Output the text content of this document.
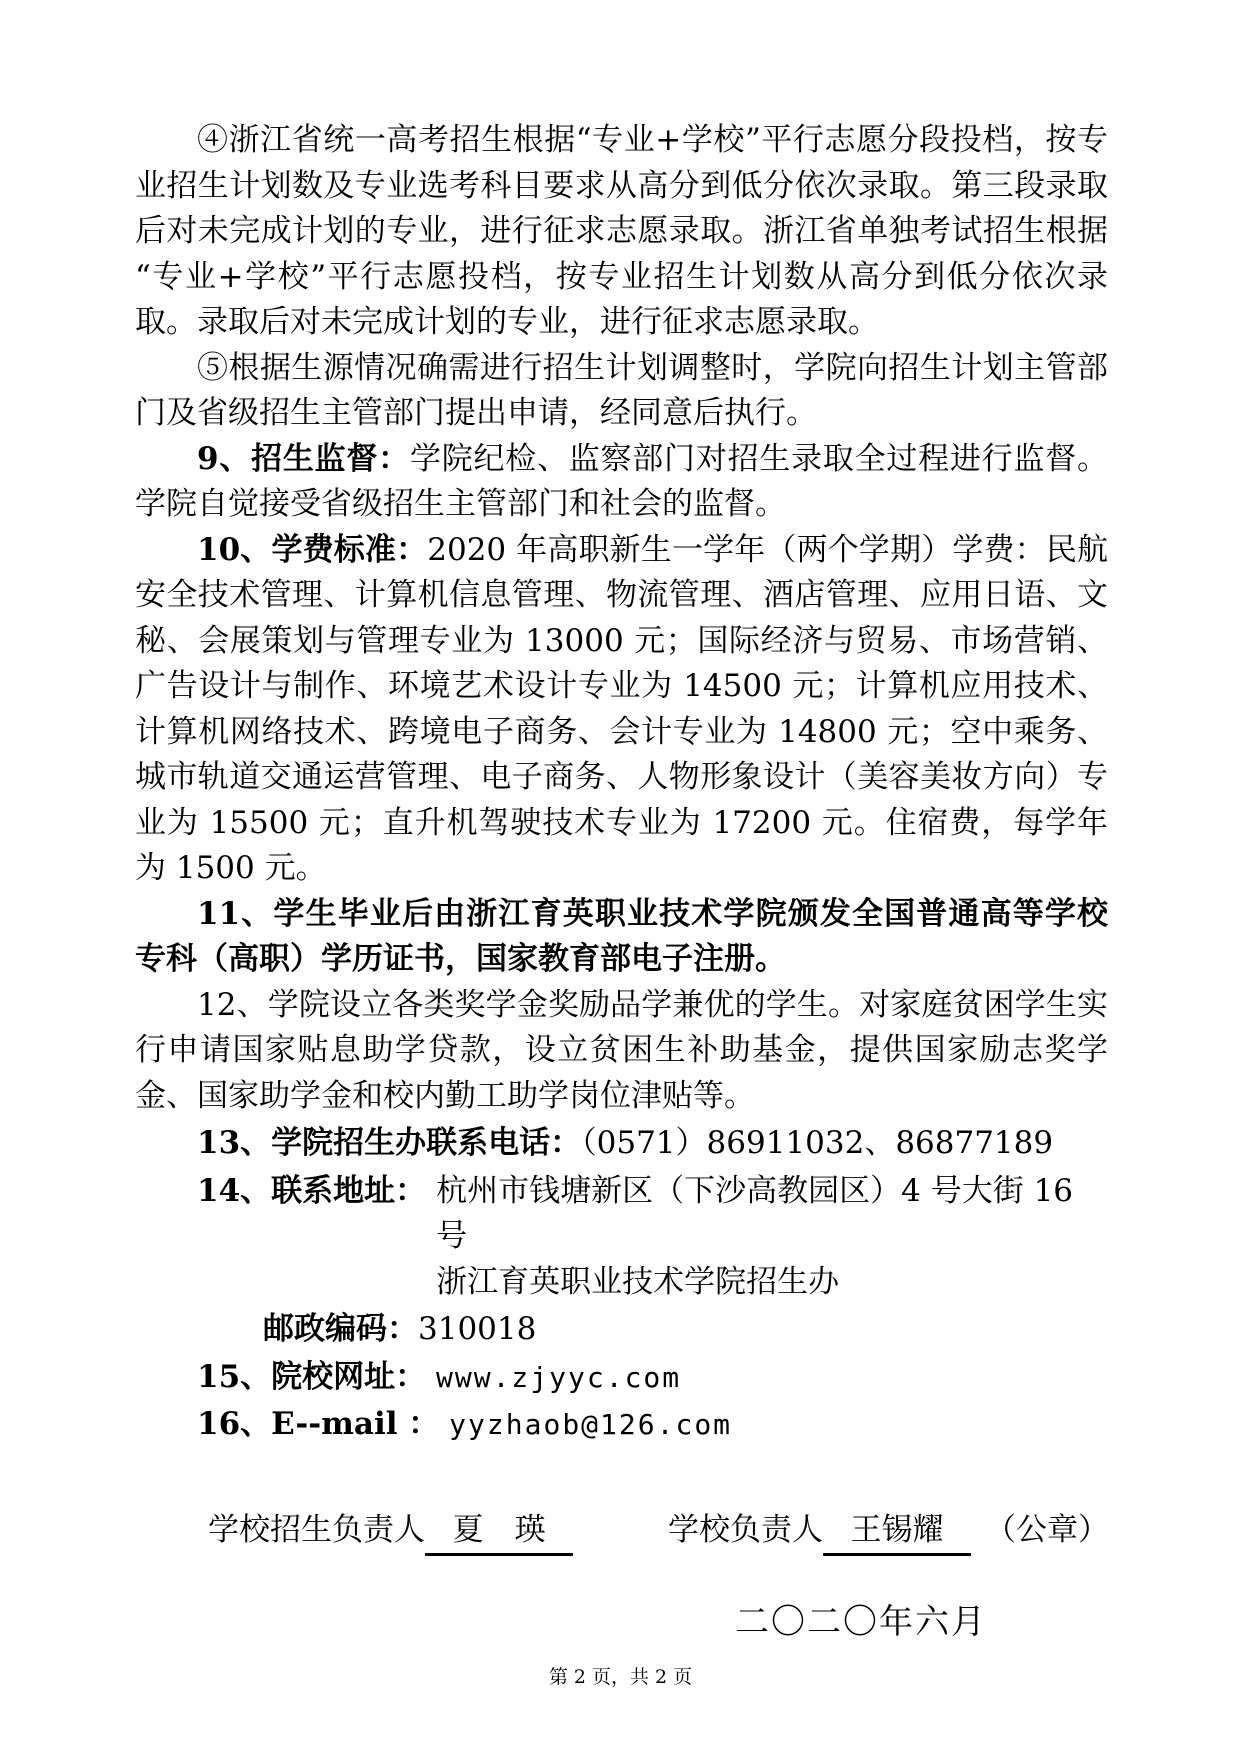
④浙江省统一高考招生根据“专业+学校”平行志愿分段投档，按专业招生计划数及专业选考科目要求从高分到低分依次录取。第三段录取后对未完成计划的专业，进行征求志愿录取。浙江省单独考试招生根据“专业+学校”平行志愿投档，按专业招生计划数从高分到低分依次录取。录取后对未完成计划的专业，进行征求志愿录取。

⑤根据生源情况确需进行招生计划调整时，学院向招生计划主管部门及省级招生主管部门提出申请，经同意后执行。

9、招生监督：学院纪检、监察部门对招生录取全过程进行监督。学院自觉接受省级招生主管部门和社会的监督。

10、学费标准：2020 年高职新生一学年（两个学期）学费：民航安全技术管理、计算机信息管理、物流管理、酒店管理、应用日语、文秘、会展策划与管理专业为 13000 元；国际经济与贸易、市场营销、广告设计与制作、环境艺术设计专业为 14500 元；计算机应用技术、计算机网络技术、跨境电子商务、会计专业为 14800 元；空中乘务、城市轨道交通运营管理、电子商务、人物形象设计（美容美妆方向）专业为 15500 元；直升机驾驶技术专业为 17200 元。住宿费，每学年为 1500 元。

11、学生毕业后由浙江育英职业技术学院颁发全国普通高等学校专科（高职）学历证书，国家教育部电子注册。

12、学院设立各类奖学金奖励品学兼优的学生。对家庭贫困学生实行申请国家贴息助学贷款，设立贫困生补助基金，提供国家励志奖学金、国家助学金和校内勤工助学岗位津贴等。

13、学院招生办联系电话：（0571）86911032、86877189
14、联系地址： 杭州市钱塘新区（下沙高教园区）4 号大街 16 号
浙江育英职业技术学院招生办
邮政编码：310018
15、院校网址： www.zjyyc.com
16、E--mail ： yyzhaob@126.com
学校招生负责人 夏　瑛	学校负责人 王锡耀 （公章）
二〇二〇年六月
第 2 页，共 2 页
